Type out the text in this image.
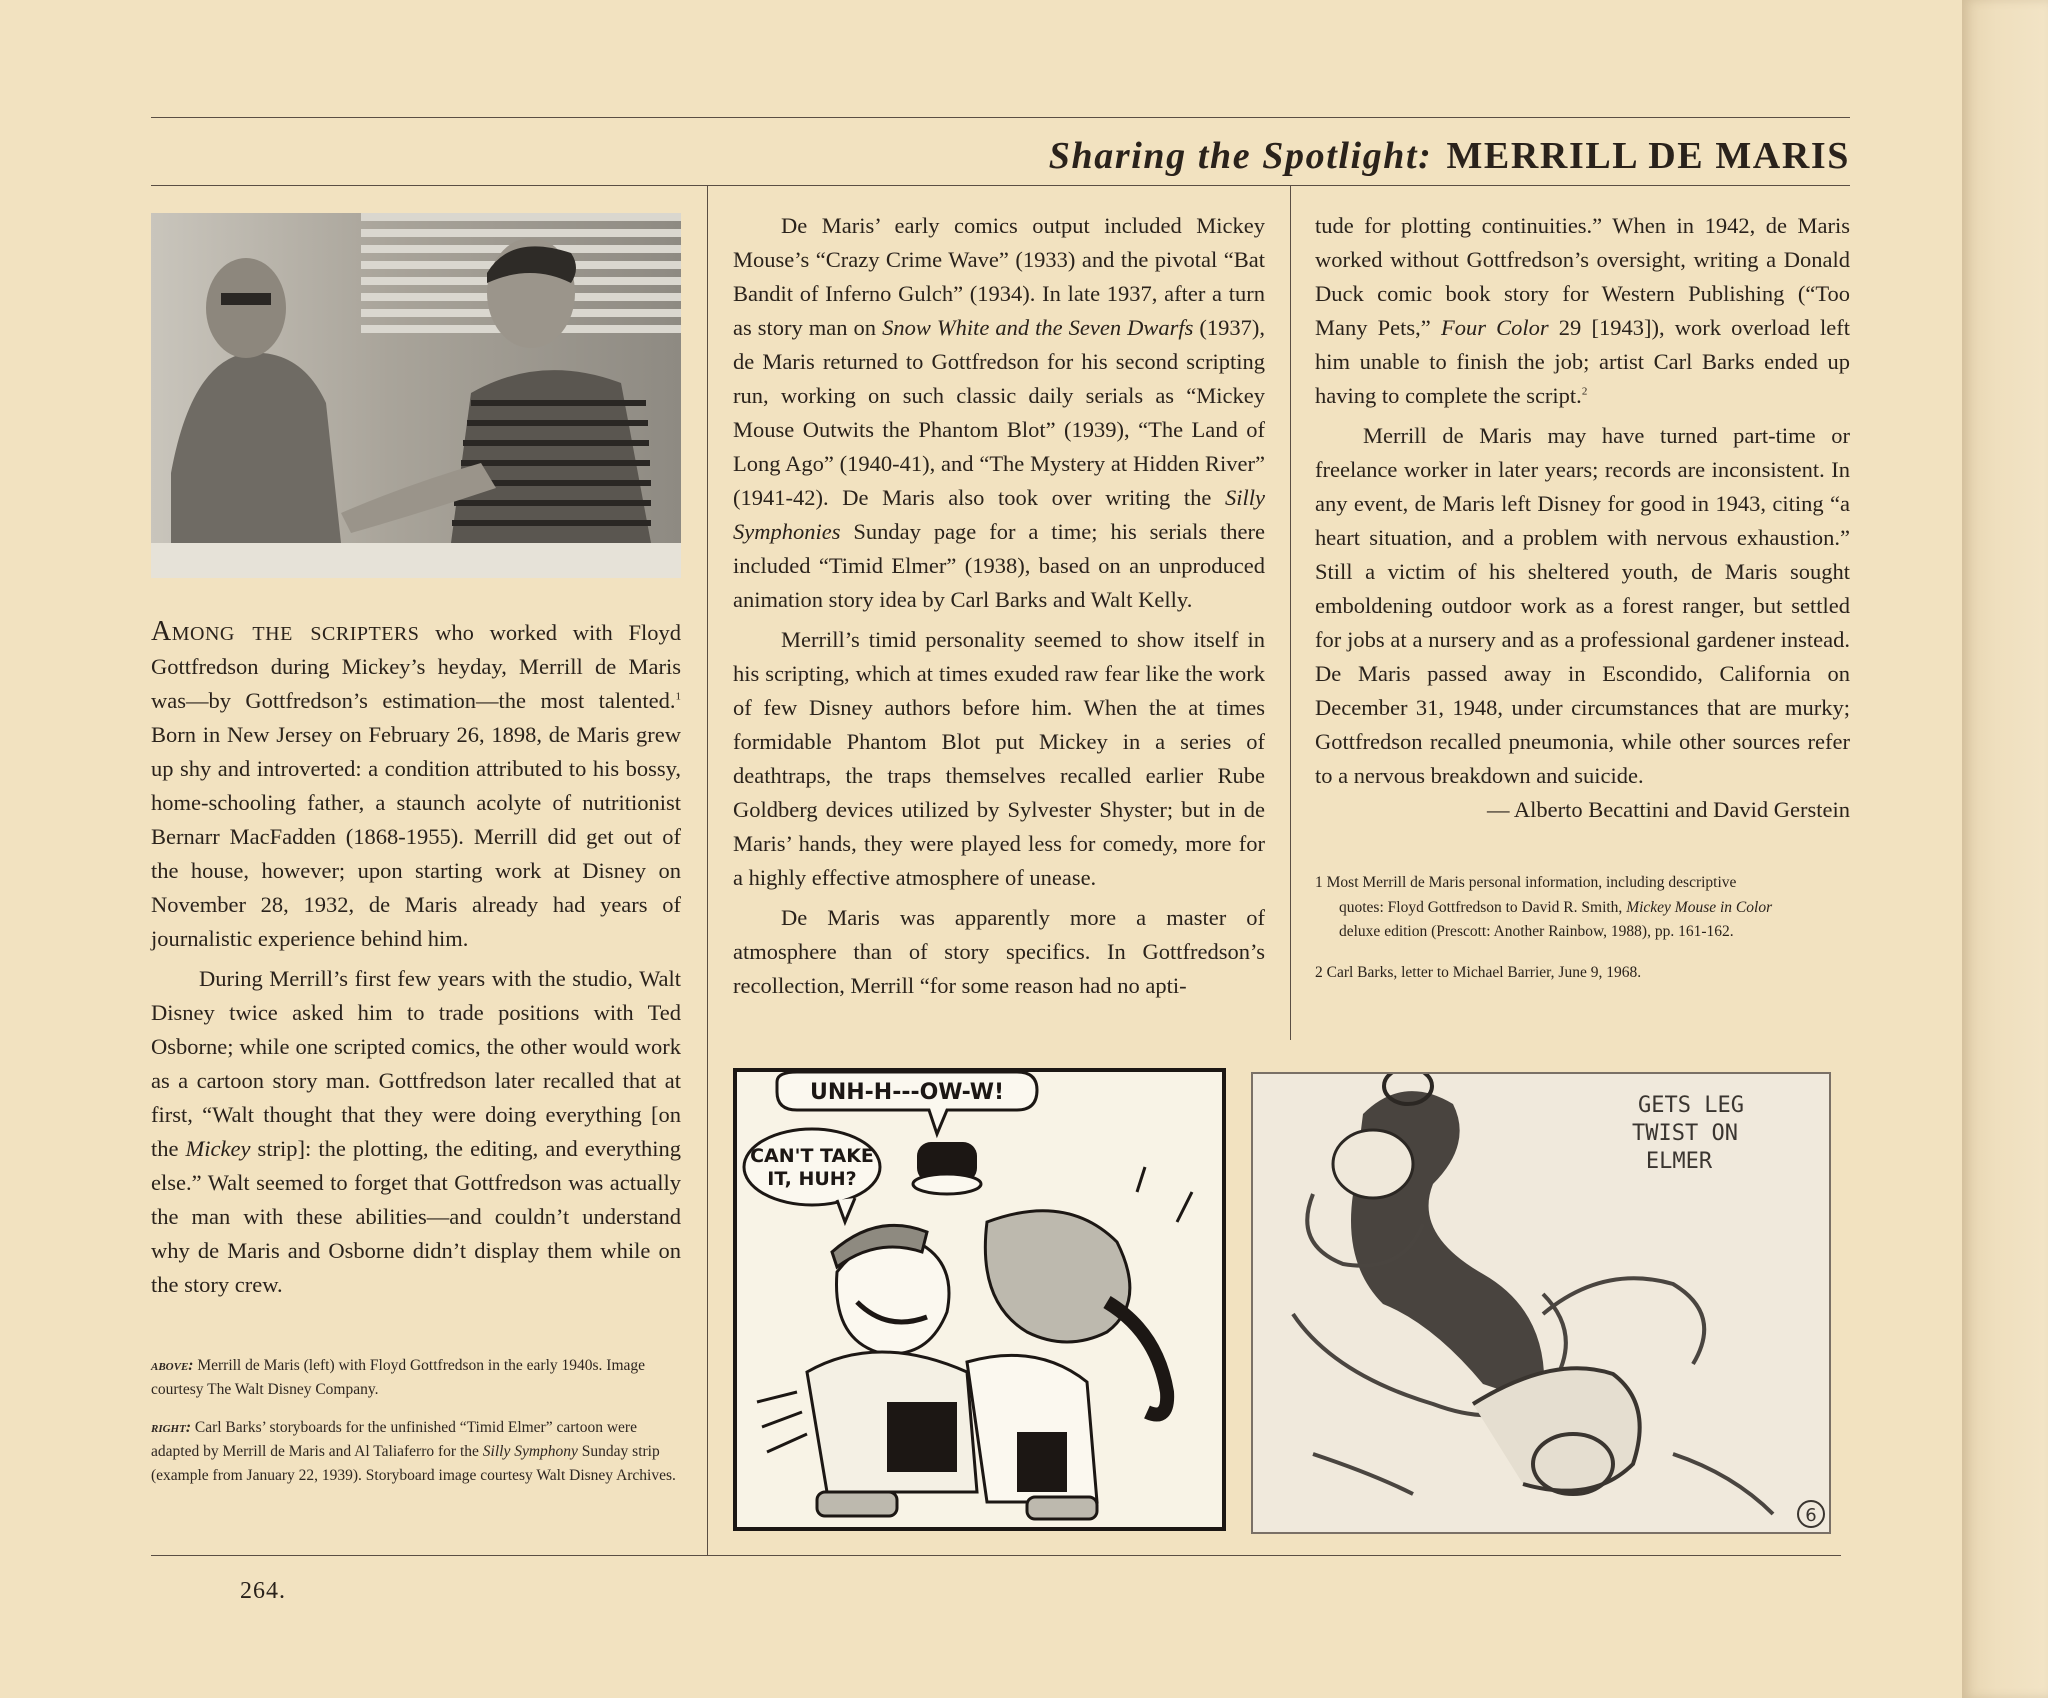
Sharing the Spotlight: MERRILL DE MARIS

Among the scripters who worked with Floyd Gottfredson during Mickey’s heyday, Merrill de Maris was—by Gottfredson’s estimation—the most talented.$^1$ Born in New Jersey on February 26, 1898, de Maris grew up shy and introverted: a condition attributed to his bossy, home-schooling father, a staunch acolyte of nutritionist Bernarr MacFadden (1868-1955). Merrill did get out of the house, however; upon starting work at Disney on November 28, 1932, de Maris already had years of journalistic experience behind him.

During Merrill’s first few years with the studio, Walt Disney twice asked him to trade positions with Ted Osborne; while one scripted comics, the other would work as a cartoon story man. Gottfredson later recalled that at first, “Walt thought that they were doing everything [on the Mickey strip]: the plotting, the editing, and everything else.” Walt seemed to forget that Gottfredson was actually the man with these abilities—and couldn’t understand why de Maris and Osborne didn’t display them while on the story crew.

above: Merrill de Maris (left) with Floyd Gottfredson in the early 1940s. Image courtesy The Walt Disney Company.

right: Carl Barks’ storyboards for the unfinished “Timid Elmer” cartoon were adapted by Merrill de Maris and Al Taliaferro for the Silly Symphony Sunday strip (example from January 22, 1939). Storyboard image courtesy Walt Disney Archives.

De Maris’ early comics output included Mickey Mouse’s “Crazy Crime Wave” (1933) and the pivotal “Bat Bandit of Inferno Gulch” (1934). In late 1937, after a turn as story man on Snow White and the Seven Dwarfs (1937), de Maris returned to Gottfredson for his second scripting run, working on such classic daily serials as “Mickey Mouse Outwits the Phantom Blot” (1939), “The Land of Long Ago” (1940-41), and “The Mystery at Hidden River” (1941-42). De Maris also took over writing the Silly Symphonies Sunday page for a time; his serials there included “Timid Elmer” (1938), based on an unproduced animation story idea by Carl Barks and Walt Kelly.

Merrill’s timid personality seemed to show itself in his scripting, which at times exuded raw fear like the work of few Disney authors before him. When the at times formidable Phantom Blot put Mickey in a series of deathtraps, the traps themselves recalled earlier Rube Goldberg devices utilized by Sylvester Shyster; but in de Maris’ hands, they were played less for comedy, more for a highly effective atmosphere of unease.

De Maris was apparently more a master of atmosphere than of story specifics. In Gottfredson’s recollection, Merrill “for some reason had no apti-

tude for plotting continuities.” When in 1942, de Maris worked without Gottfredson’s oversight, writing a Donald Duck comic book story for Western Publishing (“Too Many Pets,” Four Color 29 [1943]), work overload left him unable to finish the job; artist Carl Barks ended up having to complete the script.$^2$

Merrill de Maris may have turned part-time or freelance worker in later years; records are inconsistent. In any event, de Maris left Disney for good in 1943, citing “a heart situation, and a problem with nervous exhaustion.” Still a victim of his sheltered youth, de Maris sought emboldening outdoor work as a forest ranger, but settled for jobs at a nursery and as a professional gardener instead. De Maris passed away in Escondido, California on December 31, 1948, under circumstances that are murky; Gottfredson recalled pneumonia, while other sources refer to a nervous breakdown and suicide.

— Alberto Becattini and David Gerstein

1 Most Merrill de Maris personal information, including descriptive quotes: Floyd Gottfredson to David R. Smith, Mickey Mouse in Color deluxe edition (Prescott: Another Rainbow, 1988), pp. 161-162.
2 Carl Barks, letter to Michael Barrier, June 9, 1968.
UNH-H---OW-W!
CAN'T TAKE
IT, HUH?
GETS LEG
TWIST ON
ELMER
6
264.
